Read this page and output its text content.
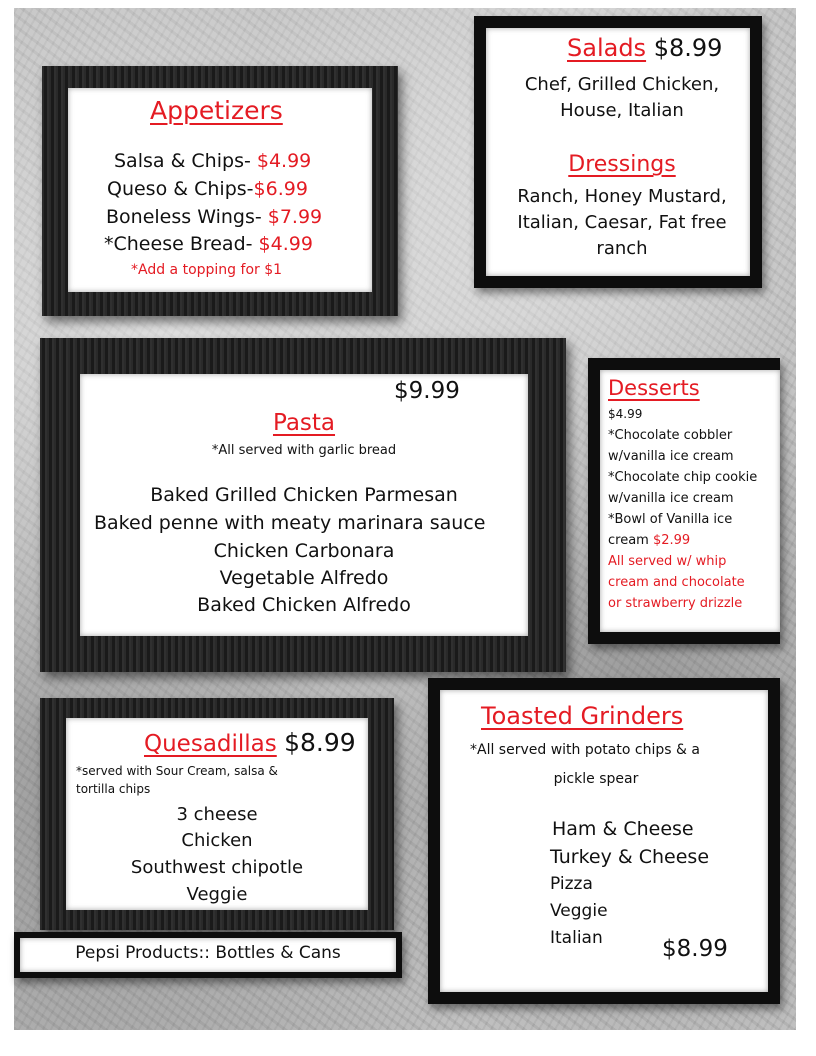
Appetizers
Salsa & Chips- $4.99
Queso & Chips-$6.99
Boneless Wings- $7.99
*Cheese Bread- $4.99
*Add a topping for $1
Salads $8.99
Chef, Grilled Chicken,
House, Italian
Dressings
Ranch, Honey Mustard,
Italian, Caesar, Fat free
ranch
$9.99
Pasta
*All served with garlic bread
Baked Grilled Chicken Parmesan
Baked penne with meaty marinara sauce
Chicken Carbonara
Vegetable Alfredo
Baked Chicken Alfredo
Desserts
$4.99
*Chocolate cobbler
w/vanilla ice cream
*Chocolate chip cookie
w/vanilla ice cream
*Bowl of Vanilla ice
cream $2.99
All served w/ whip
cream and chocolate
or strawberry drizzle
Quesadillas $8.99
*served with Sour Cream, salsa &
tortilla chips
3 cheese
Chicken
Southwest chipotle
Veggie
Pepsi Products:: Bottles & Cans
Toasted Grinders
*All served with potato chips & a
pickle spear
Ham & Cheese
Turkey & Cheese
Pizza
Veggie
Italian	$8.99
